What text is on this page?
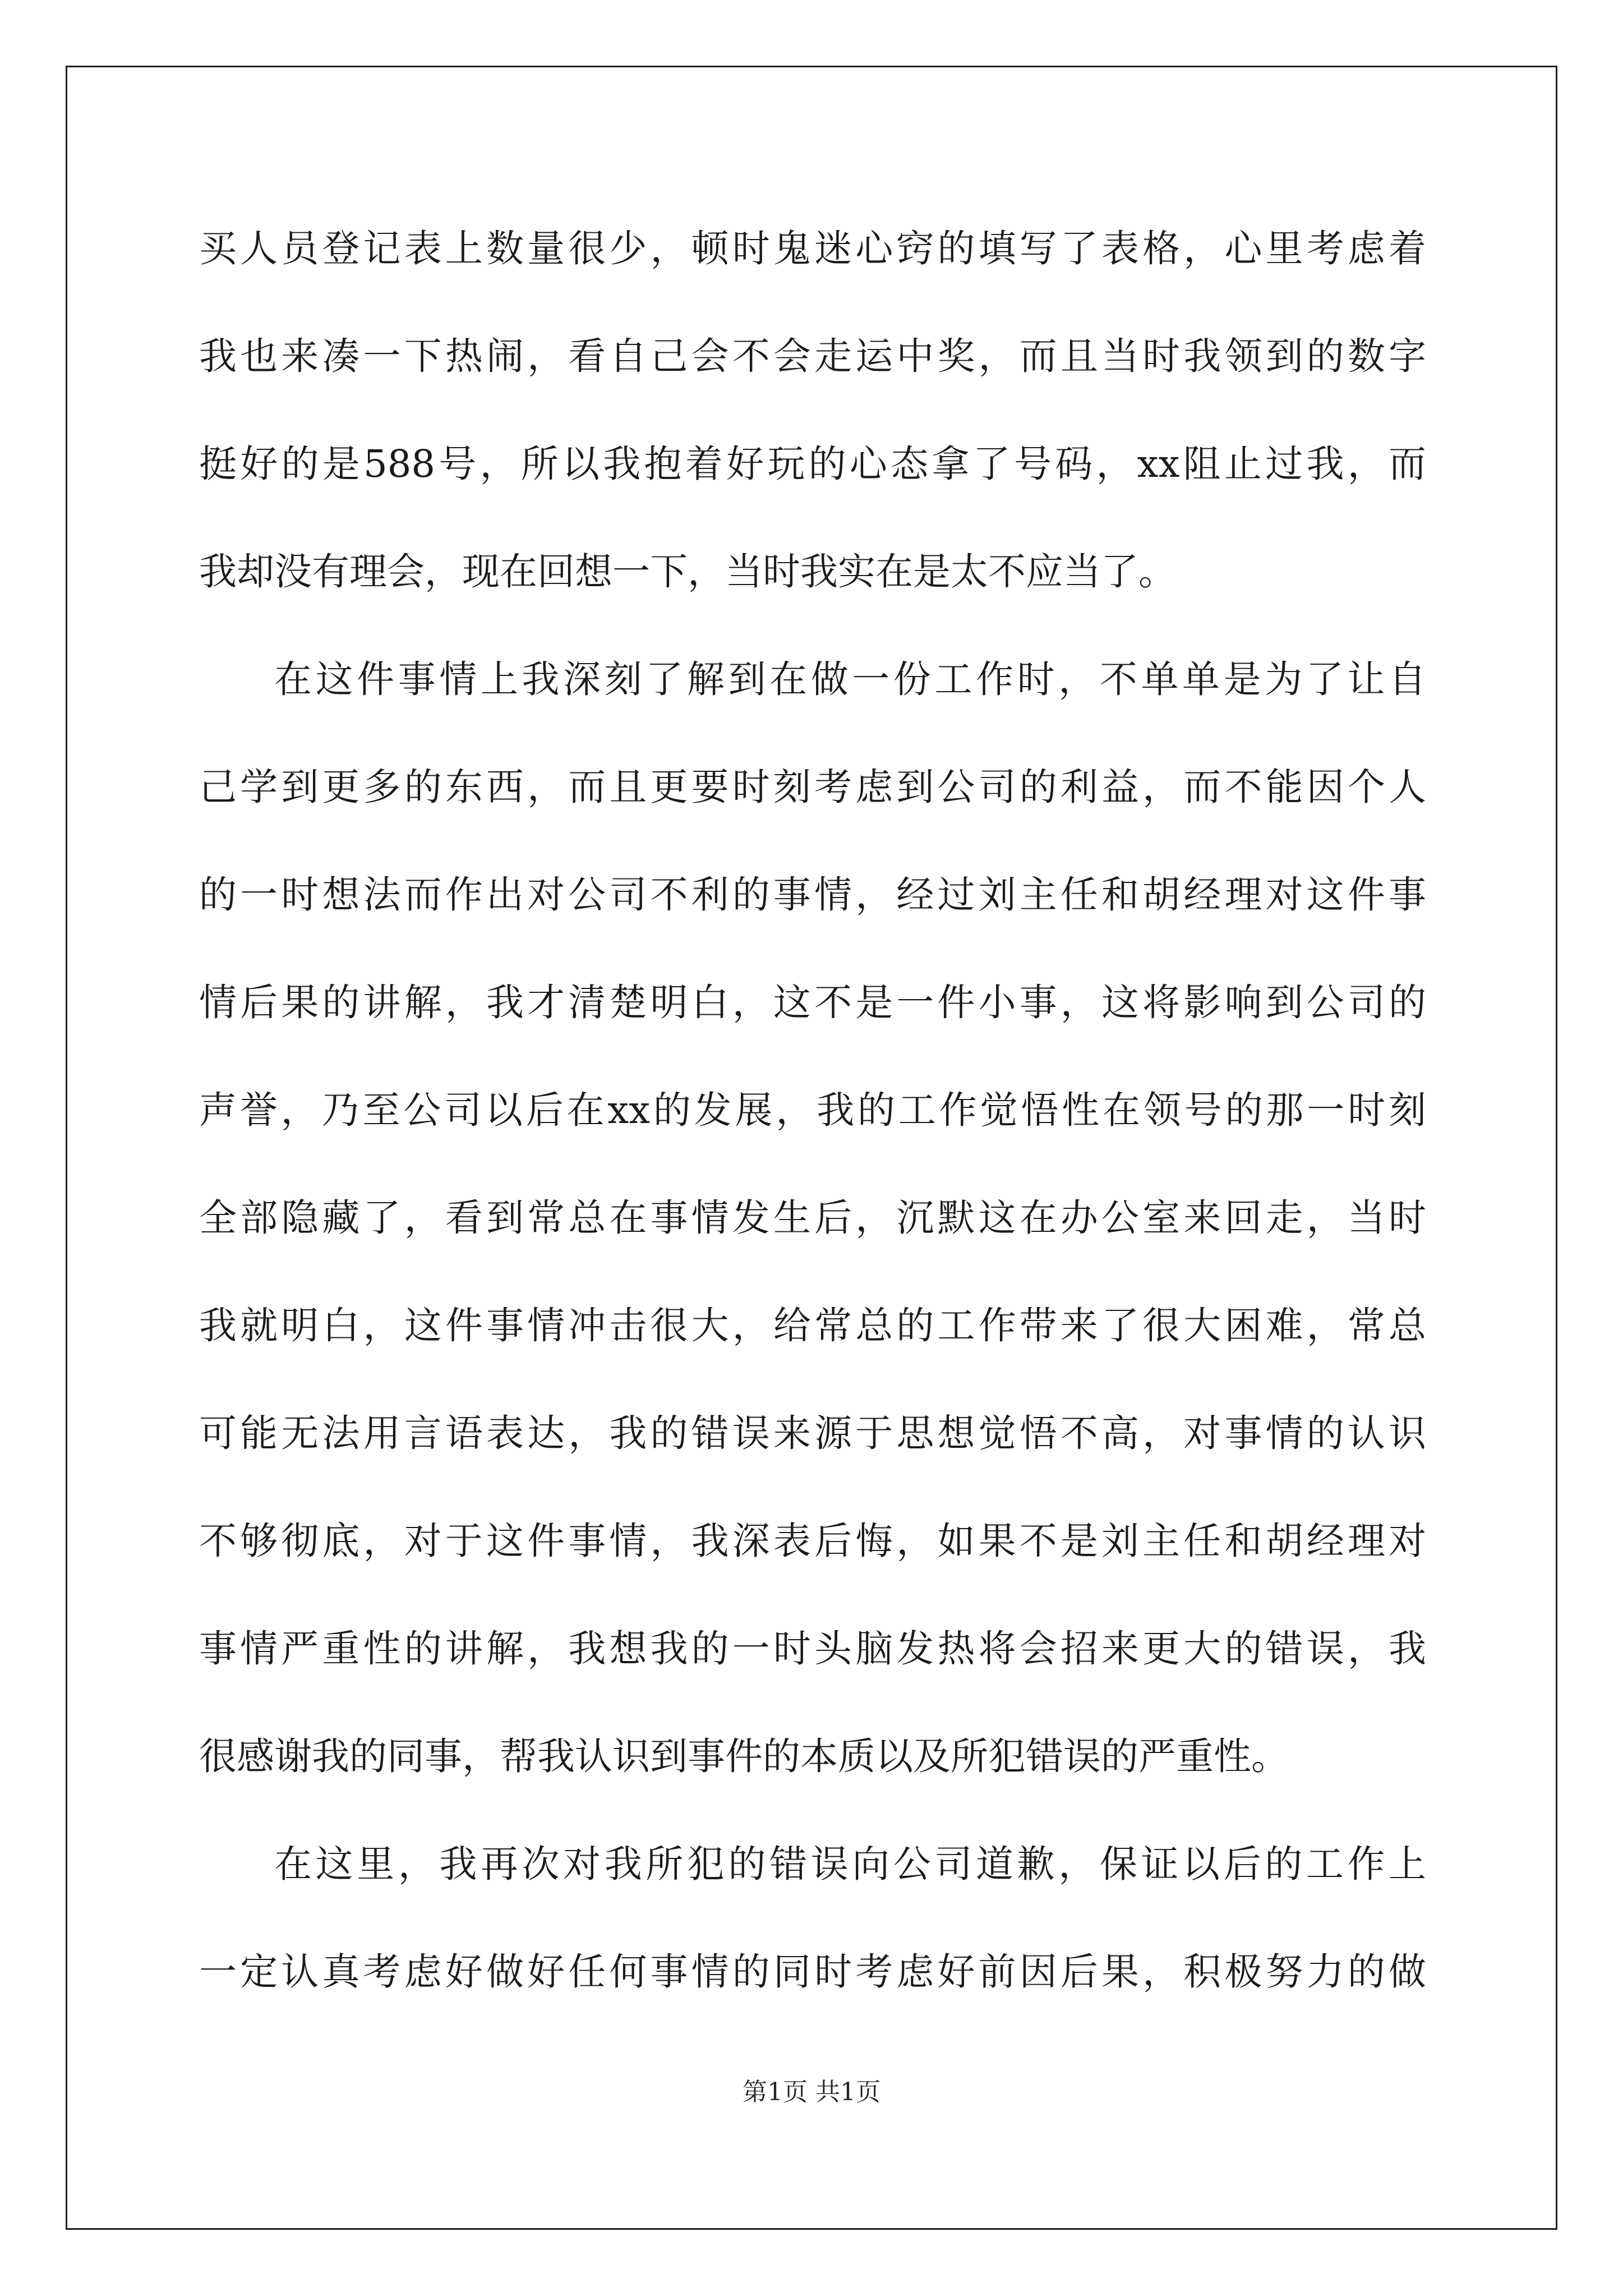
买人员登记表上数量很少，顿时鬼迷心窍的填写了表格，心里考虑着
我也来凑一下热闹，看自己会不会走运中奖，而且当时我领到的数字
挺好的是588号，所以我抱着好玩的心态拿了号码，xx阻止过我，而
我却没有理会，现在回想一下，当时我实在是太不应当了。
在这件事情上我深刻了解到在做一份工作时，不单单是为了让自
己学到更多的东西，而且更要时刻考虑到公司的利益，而不能因个人
的一时想法而作出对公司不利的事情，经过刘主任和胡经理对这件事
情后果的讲解，我才清楚明白，这不是一件小事，这将影响到公司的
声誉，乃至公司以后在xx的发展，我的工作觉悟性在领号的那一时刻
全部隐藏了，看到常总在事情发生后，沉默这在办公室来回走，当时
我就明白，这件事情冲击很大，给常总的工作带来了很大困难，常总
可能无法用言语表达，我的错误来源于思想觉悟不高，对事情的认识
不够彻底，对于这件事情，我深表后悔，如果不是刘主任和胡经理对
事情严重性的讲解，我想我的一时头脑发热将会招来更大的错误，我
很感谢我的同事，帮我认识到事件的本质以及所犯错误的严重性。
在这里，我再次对我所犯的错误向公司道歉，保证以后的工作上
一定认真考虑好做好任何事情的同时考虑好前因后果，积极努力的做
第1页 共1页
